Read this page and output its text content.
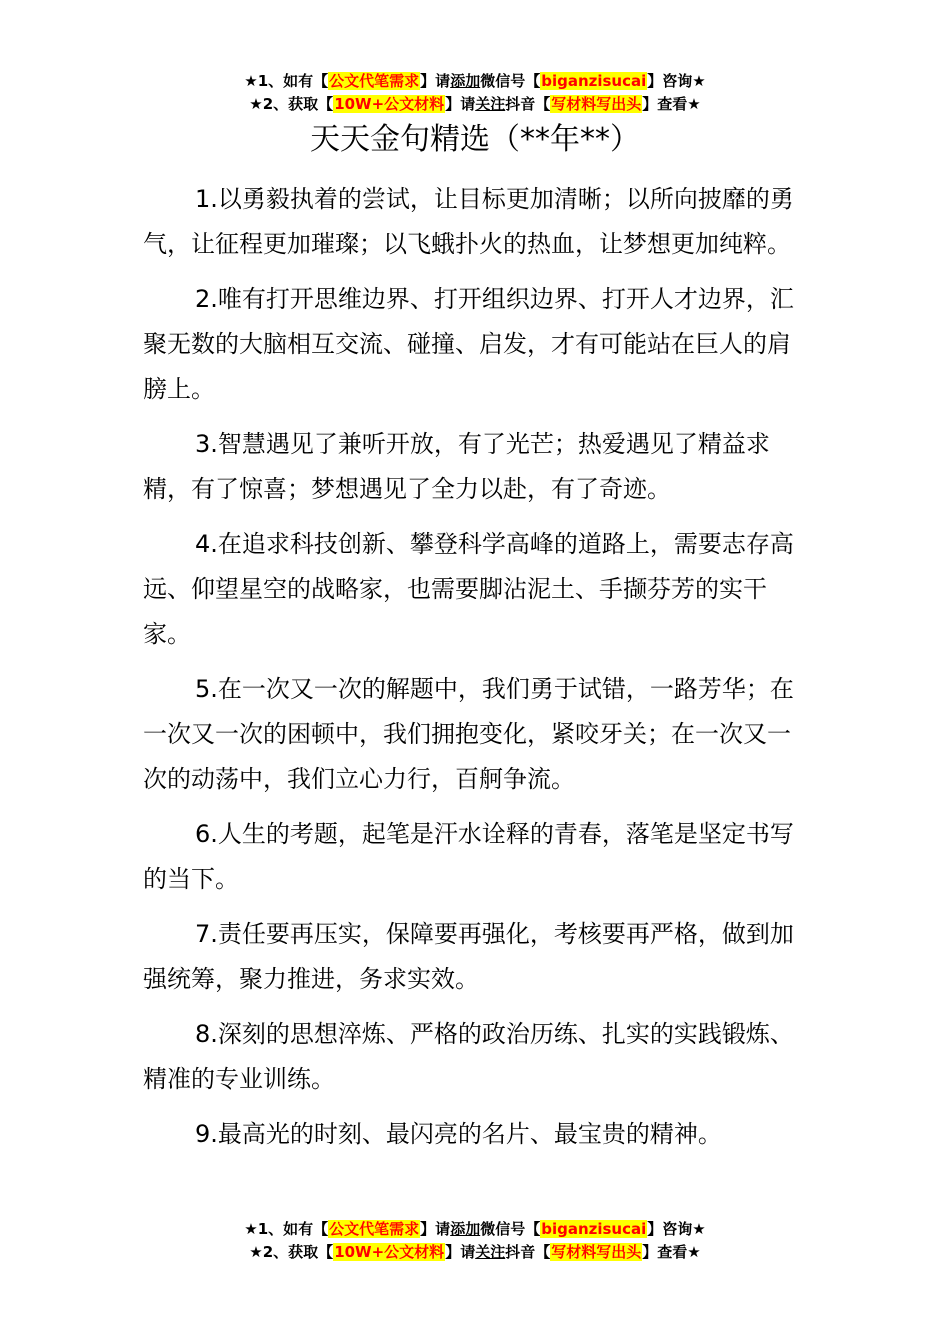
★1、如有【公文代笔需求】请添加微信号【biganzisucai】咨询★
★2、获取【10W+公文材料】请关注抖音【写材料写出头】查看★
天天金句精选（**年**）

1.以勇毅执着的尝试，让目标更加清晰；以所向披靡的勇气，让征程更加璀璨；以飞蛾扑火的热血，让梦想更加纯粹。

2.唯有打开思维边界、打开组织边界、打开人才边界，汇聚无数的大脑相互交流、碰撞、启发，才有可能站在巨人的肩膀上。

3.智慧遇见了兼听开放，有了光芒；热爱遇见了精益求精，有了惊喜；梦想遇见了全力以赴，有了奇迹。

4.在追求科技创新、攀登科学高峰的道路上，需要志存高远、仰望星空的战略家，也需要脚沾泥土、手撷芬芳的实干家。

5.在一次又一次的解题中，我们勇于试错，一路芳华；在一次又一次的困顿中，我们拥抱变化，紧咬牙关；在一次又一次的动荡中，我们立心力行，百舸争流。

6.人生的考题，起笔是汗水诠释的青春，落笔是坚定书写的当下。

7.责任要再压实，保障要再强化，考核要再严格，做到加强统筹，聚力推进，务求实效。

8.深刻的思想淬炼、严格的政治历练、扎实的实践锻炼、精准的专业训练。

9.最高光的时刻、最闪亮的名片、最宝贵的精神。

★1、如有【公文代笔需求】请添加微信号【biganzisucai】咨询★
★2、获取【10W+公文材料】请关注抖音【写材料写出头】查看★
